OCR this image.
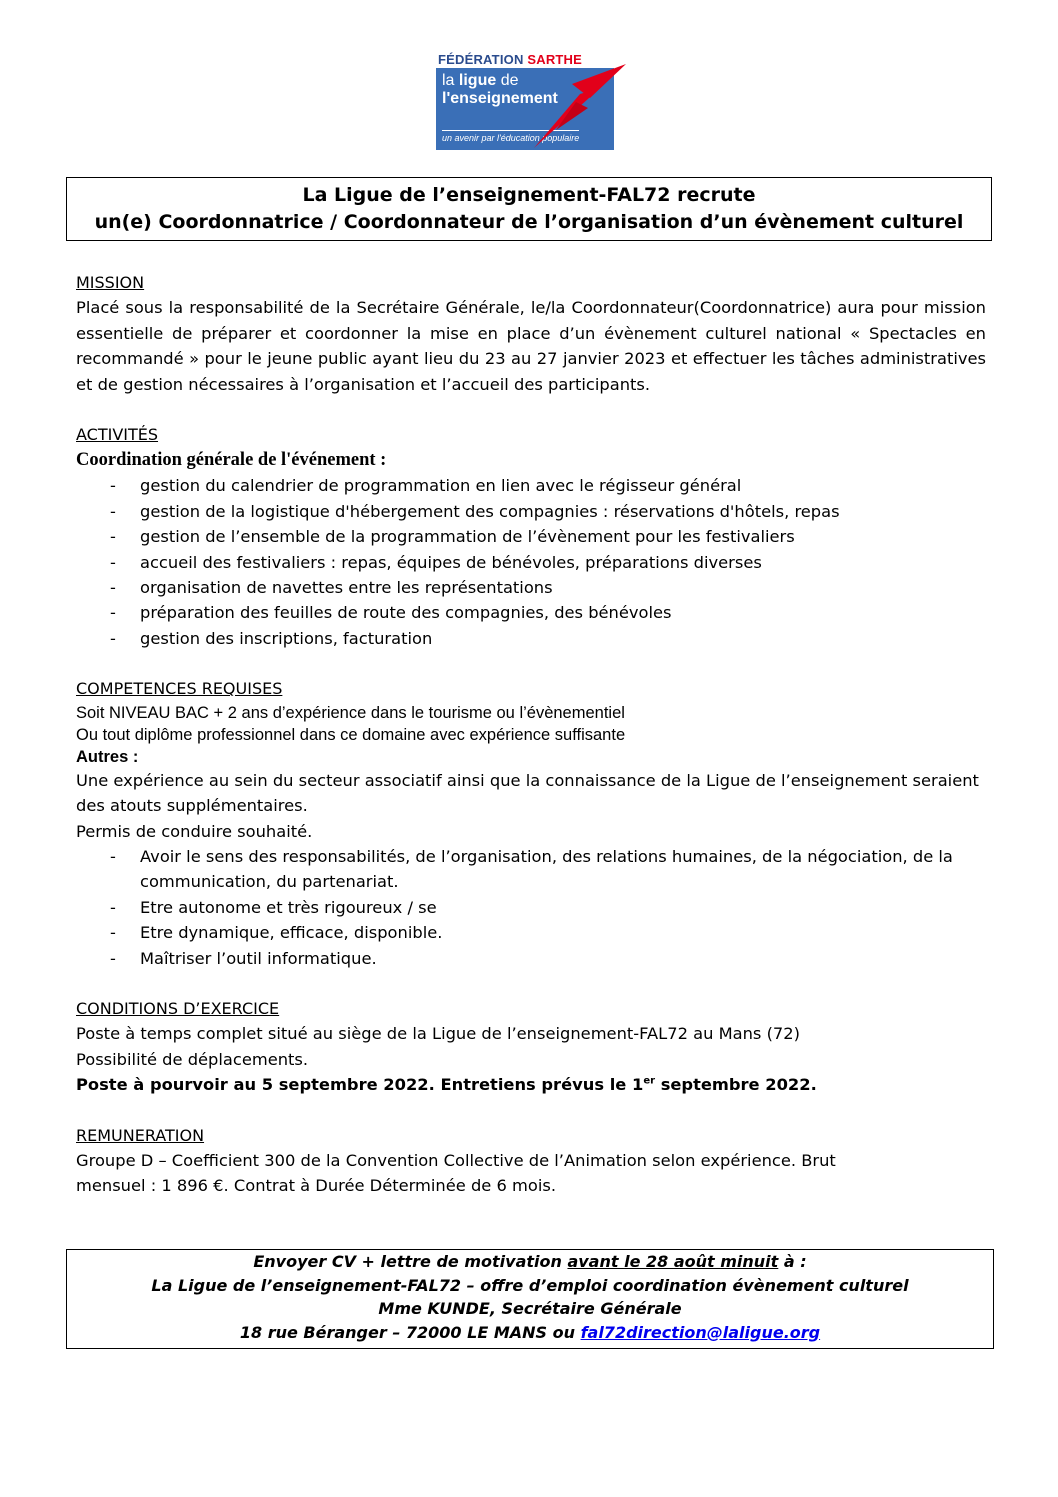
FÉDÉRATION SARTHE
la ligue de
l'enseignement
un avenir par l'éducation populaire
La Ligue de l’enseignement-FAL72 recrute
un(e) Coordonnatrice / Coordonnateur de l’organisation d’un évènement culturel
MISSION
Placé sous la responsabilité de la Secrétaire Générale, le/la Coordonnateur(Coordonnatrice) aura pour mission essentielle de préparer et coordonner la mise en place d’un évènement culturel national « Spectacles en recommandé » pour le jeune public ayant lieu du 23 au 27 janvier 2023 et effectuer les tâches administratives et de gestion nécessaires à l’organisation et l’accueil des participants.
ACTIVITÉS
Coordination générale de l'événement :
- gestion du calendrier de programmation en lien avec le régisseur général
- gestion de la logistique d'hébergement des compagnies : réservations d'hôtels, repas
- gestion de l’ensemble de la programmation de l’évènement pour les festivaliers
- accueil des festivaliers : repas, équipes de bénévoles, préparations diverses
- organisation de navettes entre les représentations
- préparation des feuilles de route des compagnies, des bénévoles
- gestion des inscriptions, facturation
COMPETENCES REQUISES
Soit NIVEAU BAC + 2 ans d’expérience dans le tourisme ou l’évènementiel
Ou tout diplôme professionnel dans ce domaine avec expérience suffisante
Autres :
Une expérience au sein du secteur associatif ainsi que la connaissance de la Ligue de l’enseignement seraient des atouts supplémentaires.
Permis de conduire souhaité.
- Avoir le sens des responsabilités, de l’organisation, des relations humaines, de la négociation, de la communication, du partenariat.
- Etre autonome et très rigoureux / se
- Etre dynamique, efficace, disponible.
- Maîtriser l’outil informatique.
CONDITIONS D’EXERCICE
Poste à temps complet situé au siège de la Ligue de l’enseignement-FAL72 au Mans (72)
Possibilité de déplacements.
Poste à pourvoir au 5 septembre 2022. Entretiens prévus le 1er septembre 2022.
REMUNERATION
Groupe D – Coefficient 300 de la Convention Collective de l’Animation selon expérience. Brut mensuel : 1 896 €. Contrat à Durée Déterminée de 6 mois.
Envoyer CV + lettre de motivation avant le 28 août minuit à :
La Ligue de l’enseignement-FAL72 – offre d’emploi coordination évènement culturel
Mme KUNDE, Secrétaire Générale
18 rue Béranger – 72000 LE MANS ou fal72direction@laligue.org
